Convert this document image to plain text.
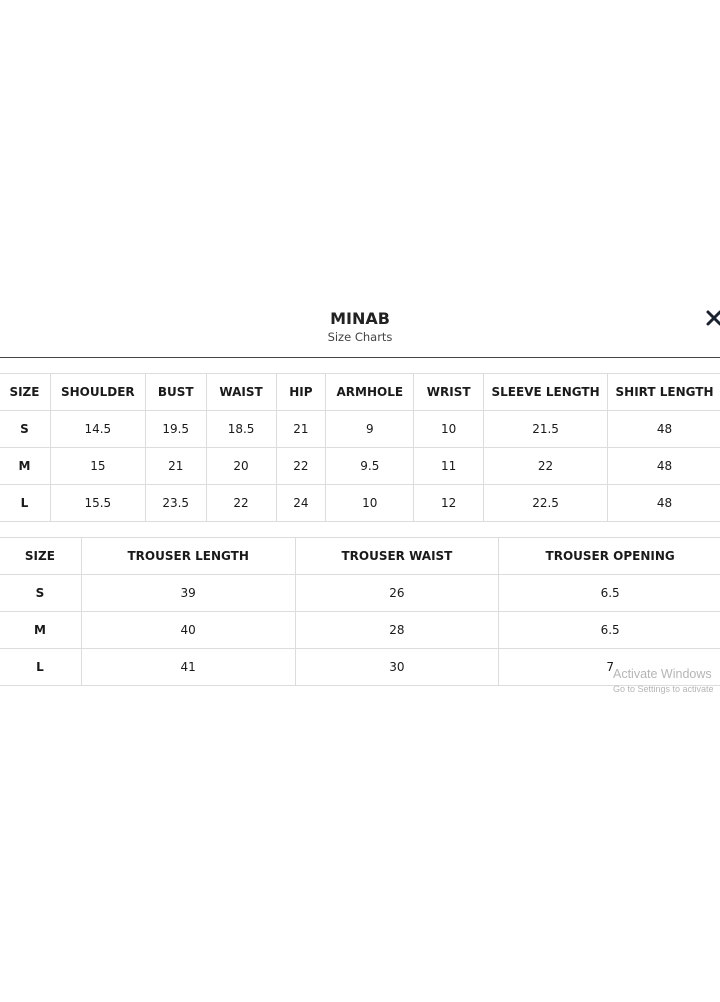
MINAB
Size Charts
SIZE	SHOULDER	BUST	WAIST	HIP	ARMHOLE	WRIST	SLEEVE LENGTH	SHIRT LENGTH
S	14.5	19.5	18.5	21	9	10	21.5	48
M	15	21	20	22	9.5	11	22	48
L	15.5	23.5	22	24	10	12	22.5	48
SIZE	TROUSER LENGTH	TROUSER WAIST	TROUSER OPENING
S	39	26	6.5
M	40	28	6.5
L	41	30	7 Activate Windows
Go to Settings to activate
